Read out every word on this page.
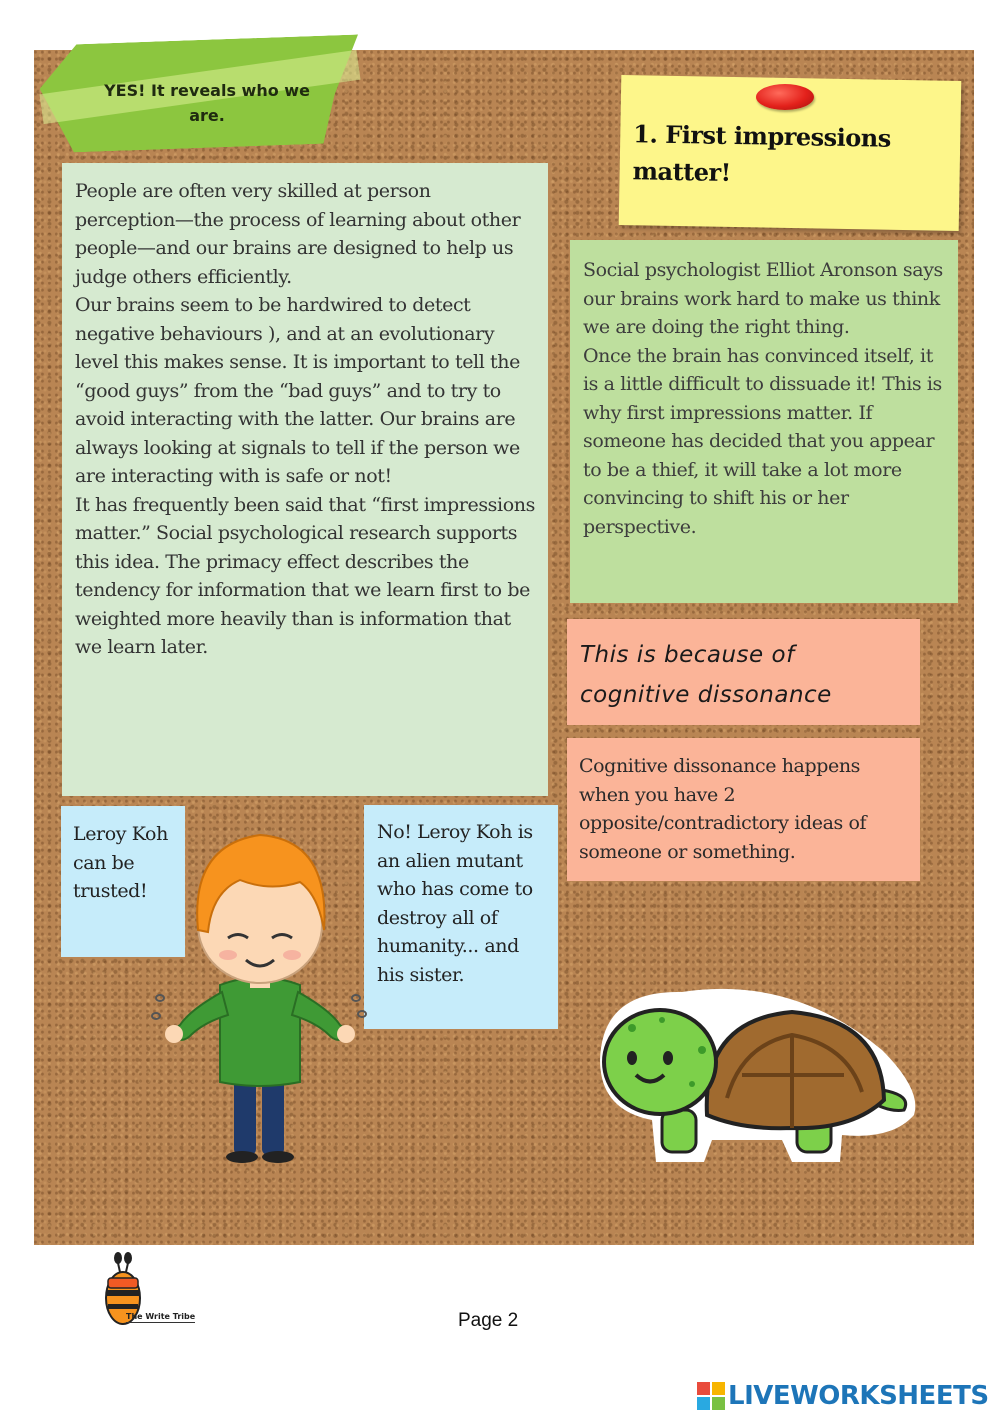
YES! It reveals who we are.

People are often very skilled at person perception—the process of learning about other people—and our brains are designed to help us judge others efficiently.

Our brains seem to be hardwired to detect negative behaviours ), and at an evolutionary level this makes sense. It is important to tell the “good guys” from the “bad guys” and to try to avoid interacting with the latter. Our brains are always looking at signals to tell if the person we are interacting with is safe or not!

It has frequently been said that “first impressions matter.” Social psychological research supports this idea. The primacy effect describes the tendency for information that we learn first to be weighted more heavily than is information that we learn later.

1. First impressions matter!

Social psychologist Elliot Aronson says our brains work hard to make us think we are doing the right thing.

Once the brain has convinced itself, it is a little difficult to dissuade it! This is why first impressions matter. If someone has decided that you appear to be a thief, it will take a lot more convincing to shift his or her perspective.

This is because of cognitive dissonance
Cognitive dissonance happens when you have 2 opposite/contradictory ideas of someone or something.
Leroy Koh can be trusted!
No! Leroy Koh is an alien mutant who has come to destroy all of humanity... and his sister.
The Write Tribe	Page 2
LIVEWORKSHEETS
